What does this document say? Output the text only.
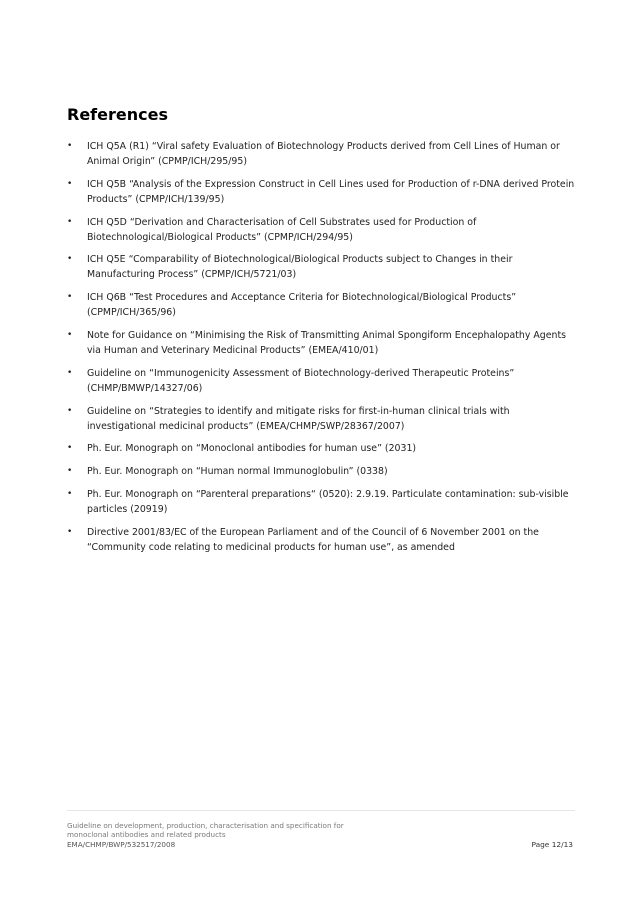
References
• ICH Q5A (R1) “Viral safety Evaluation of Biotechnology Products derived from Cell Lines of Human or Animal Origin” (CPMP/ICH/295/95)
• ICH Q5B “Analysis of the Expression Construct in Cell Lines used for Production of r-DNA derived Protein Products” (CPMP/ICH/139/95)
• ICH Q5D “Derivation and Characterisation of Cell Substrates used for Production of Biotechnological/Biological Products” (CPMP/ICH/294/95)
• ICH Q5E “Comparability of Biotechnological/Biological Products subject to Changes in their Manufacturing Process” (CPMP/ICH/5721/03)
• ICH Q6B “Test Procedures and Acceptance Criteria for Biotechnological/Biological Products” (CPMP/ICH/365/96)
• Note for Guidance on “Minimising the Risk of Transmitting Animal Spongiform Encephalopathy Agents via Human and Veterinary Medicinal Products” (EMEA/410/01)
• Guideline on “Immunogenicity Assessment of Biotechnology-derived Therapeutic Proteins” (CHMP/BMWP/14327/06)
• Guideline on “Strategies to identify and mitigate risks for first-in-human clinical trials with investigational medicinal products” (EMEA/CHMP/SWP/28367/2007)
• Ph. Eur. Monograph on “Monoclonal antibodies for human use” (2031)
• Ph. Eur. Monograph on “Human normal Immunoglobulin” (0338)
• Ph. Eur. Monograph on “Parenteral preparations“ (0520): 2.9.19. Particulate contamination: sub-visible particles (20919)
• Directive 2001/83/EC of the European Parliament and of the Council of 6 November 2001 on the “Community code relating to medicinal products for human use”, as amended
Guideline on development, production, characterisation and specification for
monoclonal antibodies and related products
EMA/CHMP/BWP/532517/2008	Page 12/13
